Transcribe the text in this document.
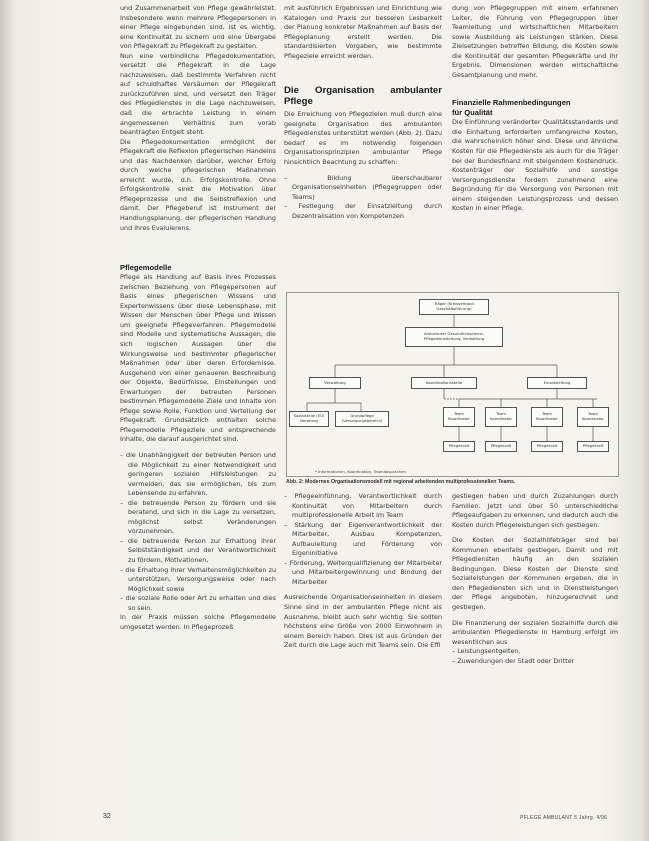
und Zusammenarbeit von Pflege gewährleistet. Insbesondere wenn mehrere Pflegepersonen in einer Pflege eingebunden sind, ist es wichtig, eine Kontinuität zu sichern und eine Übergabe von Pflegekraft zu Pflegekraft zu gestalten.

Nun eine verbindliche Pflegedokumentation, versetzt die Pflegekraft in die Lage nachzuweisen, daß bestimmte Verfahren nicht auf schuldhaftes Versäumen der Pflegekraft zurückzuführen sind, und versetzt den Träger des Pflegedienstes in die Lage nachzuweisen, daß die erbrachte Leistung in einem angemessenen Verhältnis zum vorab beantragten Entgelt steht.

Die Pflegedokumentation ermöglicht der Pflegekraft die Reflexion pflegerischen Handelns und das Nachdenken darüber, welcher Erfolg durch welche pflegerischen Maßnahmen erreicht wurde, d.h. Erfolgskontrolle. Ohne Erfolgskontrolle sinkt die Motivation über Pflegeprozesse und die Selbstreflexion und damit. Der Pflegeberuf ist Instrument der Handlungsplanung, der pflegerischen Handlung und ihres Evaluierens.

Pflegemodelle

Pflege als Handlung auf Basis ihres Prozesses zwischen Beziehung von Pflegepersonen auf Basis eines pflegerischen Wissens und Expertenwissens über diese Lebensphase, mit Wissen der Menschen über Pflege und Wissen um geeignete Pflegeverfahren. Pflegemodelle sind Modelle und systematische Aussagen, die sich logischen Aussagen über die Wirkungsweise und bestimmter pflegerischer Maßnahmen oder über deren Erfordernisse. Ausgehend von einer genaueren Beschreibung der Objekte, Bedürfnisse, Einstellungen und Erwartungen der betreuten Personen bestimmen Pflegemodelle Ziele und Inhalte von Pflege sowie Rolle, Funktion und Verteilung der Pflegekraft. Grundsätzlich enthalten solche Pflegemodelle Pflegeziele und entsprechende Inhalte, die darauf ausgerichtet sind,

– die Unabhängigkeit der betreuten Person und die Möglichkeit zu einer Notwendigkeit und geringeren sozialen Hilfsleistungen zu vermeiden, das sie ermöglichen, bis zum Lebensende zu erfahren,

– die betreuende Person zu fördern und sie beratend, und sich in die Lage zu versetzen, möglichst selbst Veränderungen vorzunehmen,

– die betreuende Person zur Erhaltung ihrer Selbstständigkeit und der Verantwortlichkeit zu fördern, Motivationen,

– die Erhaltung ihrer Verhaltensmöglichkeiten zu unterstützen, Versorgungsweise oder nach Möglichkeit sowie

– die soziale Rolle oder Art zu erhalten und dies so sein.

In der Praxis müssen solche Pflegemodelle umgesetzt werden. In Pflegeprozeß

mit ausführlich Ergebnissen und Einrichtung wie Katalogen und Praxis zur besseren Lesbarkeit der Planung konkreter Maßnahmen auf Basis der Pflegeplanung erstellt werden. Die standardisierten Vorgaben, wie bestimmte Pflegeziele erreicht werden.

Die Organisation ambulanter Pflege

Die Erreichung von Pflegezielen muß durch eine geeignete Organisation des ambulanten Pflegedienstes unterstützt werden (Abb. 2). Dazu bedarf es im notwendig folgenden Organisationsprinzipien ambulanter Pflege hinsichtlich Beachtung zu schaffen:

– Bildung überschaubarer Organisationseinheiten (Pflegegruppen oder Teams)

– Festlegung der Einsatzleitung durch Dezentralisation von Kompetenzen

dung von Pflegegruppen mit einem erfahrenen Leiter, die Führung von Pflegegruppen über Teamleitung und wirtschaftlichen Mitarbeitern sowie Ausbildung als Leistungen stärken. Diese Zielsetzungen betreffen Bildung, die Kosten sowie die Kontinuität der gesamten Pflegekräfte und ihr Ergebnis. Dimensionen werden wirtschaftliche Gesamtplanung und mehr.

Finanzielle Rahmenbedingungen
für Qualität

Die Einführung veränderter Qualitätsstandards und die Einhaltung erforderten umfangreiche Kosten, die wahrscheinlich höher sind. Diese und ähnliche Kosten für die Pflegedienste als auch für die Träger bei der Bundesfinanz mit steigendem Kostendruck. Kostenträger der Sozialhilfe und sonstige Versorgungsdienste fordern zunehmend eine Begründung für die Versorgung von Personen mit einem steigenden Leistungsprozess und dessen Kosten in einer Pflege.

Träger (Kreisverband Geschäftsführung)
Ambulanter Gesundheitsdienst, Pflegedienstleitung, Verwaltung
Verwaltung	Koordinationsstelle	Einsatzleitung
Sozialstelle (EU) Beratung
Grundpflege (Versorgungsbereich)
Team Koordinator
Team Koordinator
Team Koordinator
Team Koordinator
Pflegekraft	Pflegekraft	Pflegekraft	Pflegekraft
* Informationen, Koordination, Teamabsprachen
Abb. 2: Modernes Organisationsmodell mit regional arbeitenden multiprofessionellen Teams.

– Pflegeeinführung, Verantwortlichkeit durch Kontinuität von Mitarbeitern durch multiprofessionelle Arbeit im Team

– Stärkung der Eigenverantwortlichkeit der Mitarbeiter, Ausbau Kompetenzen, Aufbauleitung und Förderung von Eigeninitiative

– Förderung, Weiterqualifizierung der Mitarbeiter und Mitarbeitergewinnung und Bindung der Mitarbeiter

Ausreichende Organisationseinheiten in diesem Sinne sind in der ambulanten Pflege nicht als Ausnahme, bleibt auch sehr wichtig. Sie sollten höchstens eine Größe von 2000 Einwohnern in einem Bereich haben. Dies ist aus Gründen der Zeit durch die Lage auch mit Teams sein. Die Effi

gestiegen haben und durch Zuzahlungen durch Familien. Jetzt und über 50 unterschiedliche Pflegeaufgaben zu erkennen, und dadurch auch die Kosten durch Pflegeleistungen sich gestiegen.

Die Kosten der Sozialhilfeträger sind bei Kommunen ebenfalls gestiegen, Damit und mit Pflegediensten häufig an den sozialen Bedingungen. Diese Kosten der Dienste sind Sozialleistungen der Kommunen ergeben, die in den Pflegediensten sich und in Dienstleistungen der Pflege angeboten, hinzugerechnet und gestiegen.

Die Finanzierung der sozialen Sozialhilfe durch die ambulanten Pflegedienste in Hamburg erfolgt im wesentlichen aus

– Leistungsentgelten,

– Zuwendungen der Stadt oder Dritter

32	PFLEGE AMBULANT 5 Jahrg. 4/96
